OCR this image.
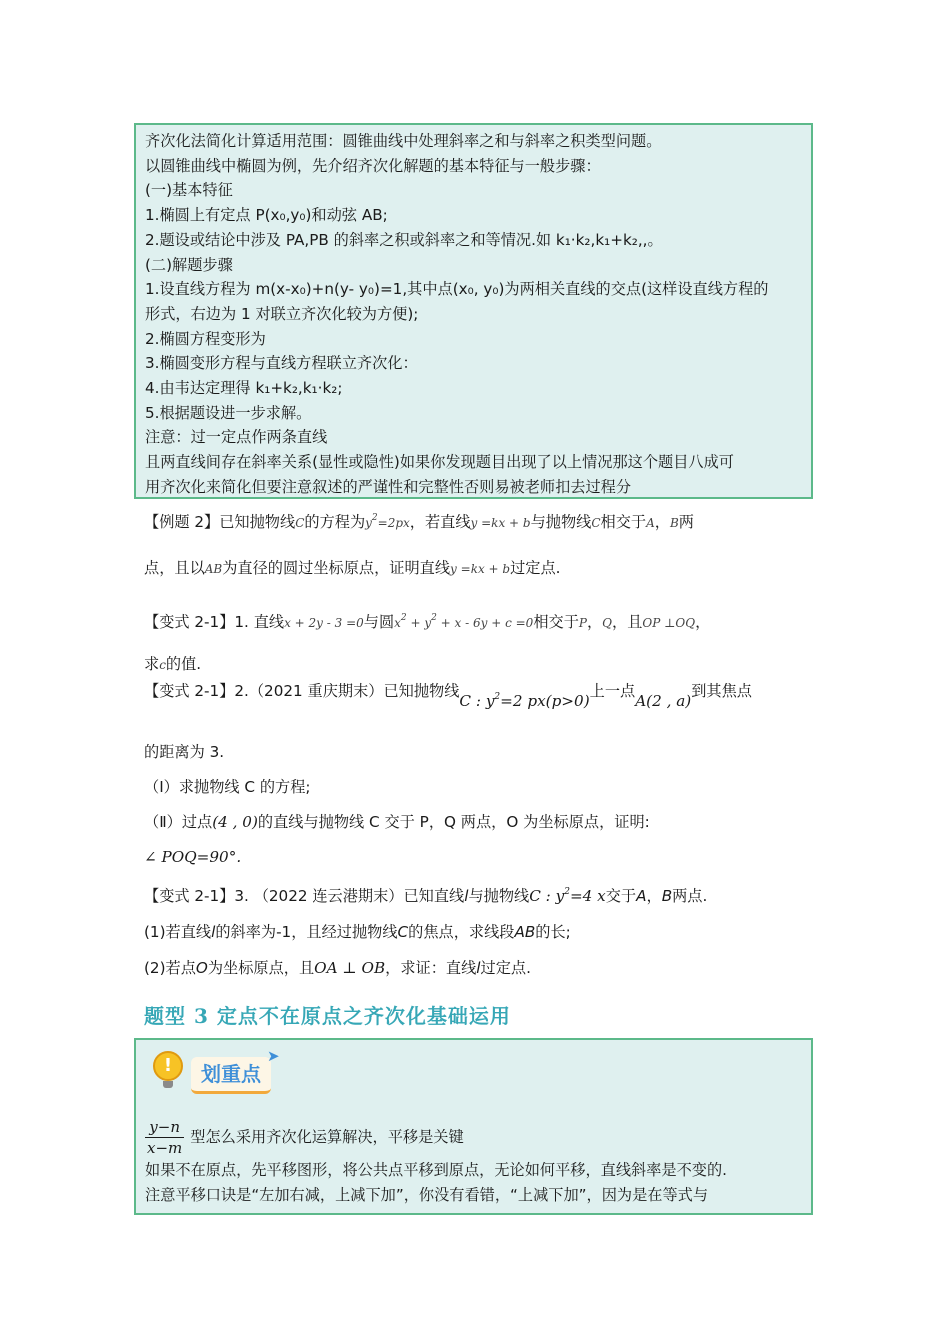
齐次化法简化计算适用范围：圆锥曲线中处理斜率之和与斜率之积类型问题。
以圆锥曲线中椭圆为例，先介绍齐次化解题的基本特征与一般步骤：
(一)基本特征
1.椭圆上有定点 P(x₀,y₀)和动弦 AB;
2.题设或结论中涉及 PA,PB 的斜率之积或斜率之和等情况.如 k₁·k₂,k₁+k₂,,。
(二)解题步骤
1.设直线方程为 m(x-x₀)+n(y- y₀)=1,其中点(x₀, y₀)为两相关直线的交点(这样设直线方程的
形式，右边为 1 对联立齐次化较为方便);
2.椭圆方程变形为
3.椭圆变形方程与直线方程联立齐次化：
4.由韦达定理得 k₁+k₂,k₁·k₂;
5.根据题设进一步求解。
注意：过一定点作两条直线
且两直线间存在斜率关系(显性或隐性)如果你发现题目出现了以上情况那这个题目八成可
用齐次化来简化但要注意叙述的严谨性和完整性否则易被老师扣去过程分
【例题 2】已知抛物线C的方程为$y^2=2px$，若直线y =kx + b与抛物线C相交于A，B两
点，且以AB为直径的圆过坐标原点，证明直线y =kx + b过定点.
【变式 2-1】1. 直线x + 2y - 3 =0与圆$x^2 + y^2 + x - 6y + c =0$相交于P，Q，且OP ⊥OQ，
求c的值.
【变式 2-1】2.（2021 重庆期末）已知抛物线C : $y^2=2$ px(p>0)上一点A(2 , a)到其焦点
的距离为 3.
（Ⅰ）求抛物线 C 的方程;
（Ⅱ）过点(4 , 0)的直线与抛物线 C 交于 P，Q 两点，O 为坐标原点，证明:
∠ POQ=90°.
【变式 2-1】3. （2022 连云港期末）已知直线l与抛物线C : $y^2=4$ x交于A，B两点.
(1)若直线l的斜率为-1，且经过抛物线C的焦点，求线段AB的长;
(2)若点O为坐标原点，且OA ⊥ OB，求证：直线l过定点.
题型 3 定点不在原点之齐次化基础运用
!	划重点
➤
$\frac{y-n}{x-m}$ 型怎么采用齐次化运算解决，平移是关键
如果不在原点，先平移图形，将公共点平移到原点，无论如何平移，直线斜率是不变的.
注意平移口诀是“左加右减，上减下加”，你没有看错，“上减下加”，因为是在等式与
